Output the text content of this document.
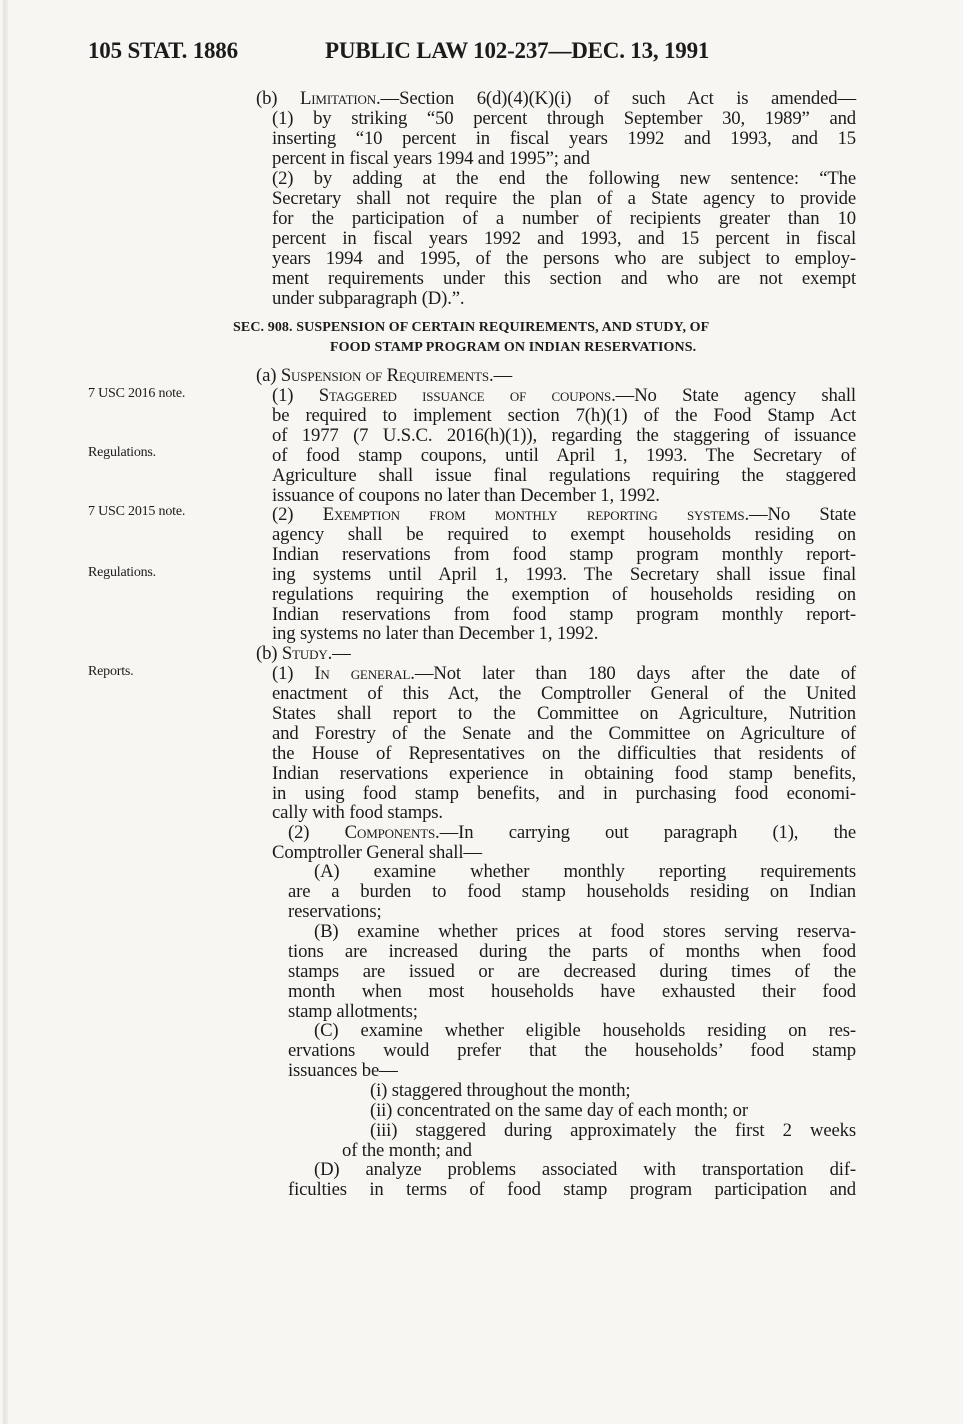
105 STAT. 1886	PUBLIC LAW 102-237—DEC. 13, 1991
7 USC 2016 note.
Regulations.
7 USC 2015 note.
Regulations.
Reports.
SEC. 908. SUSPENSION OF CERTAIN REQUIREMENTS, AND STUDY, OF
FOOD STAMP PROGRAM ON INDIAN RESERVATIONS.
(b) Limitation.—Section 6(d)(4)(K)(i) of such Act is amended—
(1) by striking “50 percent through September 30, 1989” and
inserting “10 percent in fiscal years 1992 and 1993, and 15
percent in fiscal years 1994 and 1995”; and
(2) by adding at the end the following new sentence: “The
Secretary shall not require the plan of a State agency to provide
for the participation of a number of recipients greater than 10
percent in fiscal years 1992 and 1993, and 15 percent in fiscal
years 1994 and 1995, of the persons who are subject to employ-
ment requirements under this section and who are not exempt
under subparagraph (D).”.
(a) Suspension of Requirements.—
(1) Staggered issuance of coupons.—No State agency shall
be required to implement section 7(h)(1) of the Food Stamp Act
of 1977 (7 U.S.C. 2016(h)(1)), regarding the staggering of issuance
of food stamp coupons, until April 1, 1993. The Secretary of
Agriculture shall issue final regulations requiring the staggered
issuance of coupons no later than December 1, 1992.
(2) Exemption from monthly reporting systems.—No State
agency shall be required to exempt households residing on
Indian reservations from food stamp program monthly report-
ing systems until April 1, 1993. The Secretary shall issue final
regulations requiring the exemption of households residing on
Indian reservations from food stamp program monthly report-
ing systems no later than December 1, 1992.
(b) Study.—
(1) In general.—Not later than 180 days after the date of
enactment of this Act, the Comptroller General of the United
States shall report to the Committee on Agriculture, Nutrition
and Forestry of the Senate and the Committee on Agriculture of
the House of Representatives on the difficulties that residents of
Indian reservations experience in obtaining food stamp benefits,
in using food stamp benefits, and in purchasing food economi-
cally with food stamps.
(2) Components.—In carrying out paragraph (1), the
Comptroller General shall—
(A) examine whether monthly reporting requirements
are a burden to food stamp households residing on Indian
reservations;
(B) examine whether prices at food stores serving reserva-
tions are increased during the parts of months when food
stamps are issued or are decreased during times of the
month when most households have exhausted their food
stamp allotments;
(C) examine whether eligible households residing on res-
ervations would prefer that the households’ food stamp
issuances be—
(i) staggered throughout the month;
(ii) concentrated on the same day of each month; or
(iii) staggered during approximately the first 2 weeks
of the month; and
(D) analyze problems associated with transportation dif-
ficulties in terms of food stamp program participation and
